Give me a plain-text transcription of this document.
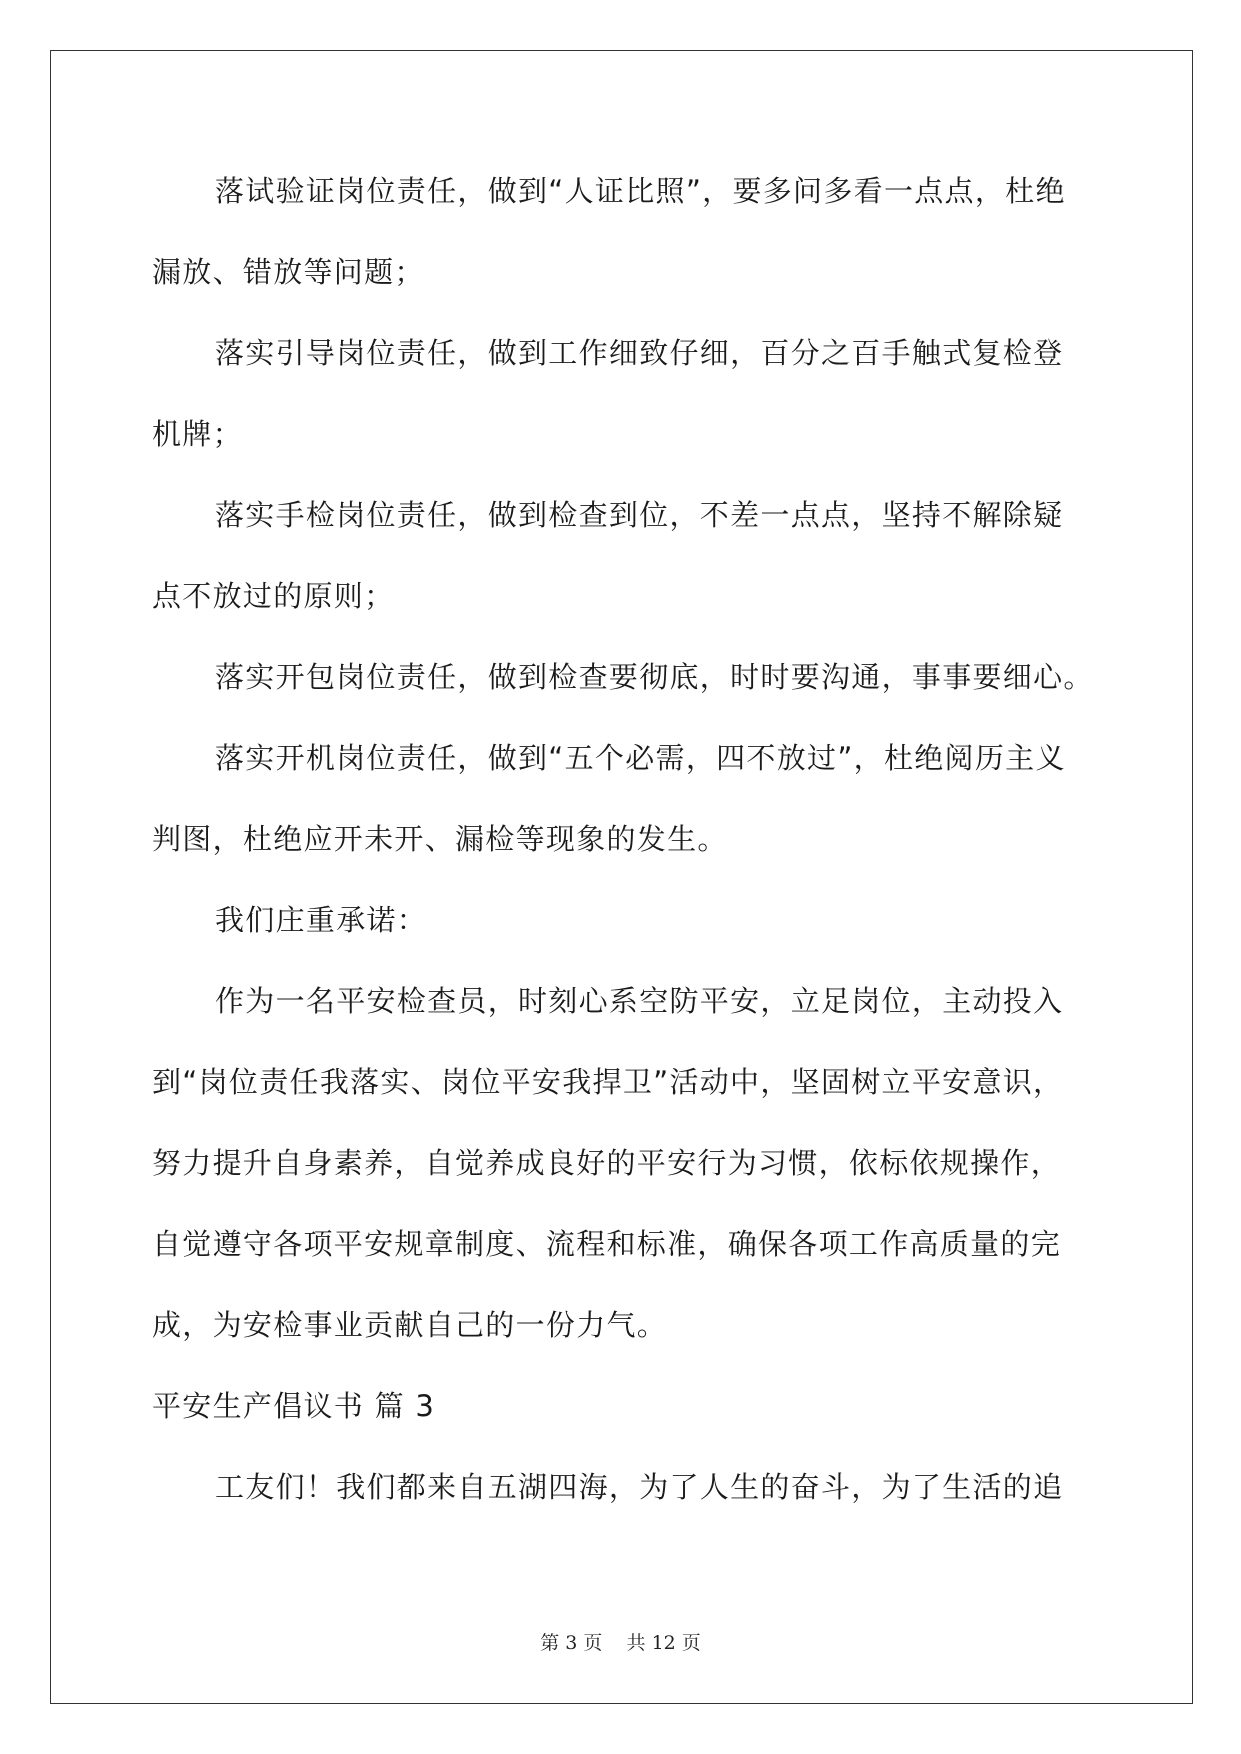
落试验证岗位责任，做到“人证比照”，要多问多看一点点，杜绝

漏放、错放等问题；

落实引导岗位责任，做到工作细致仔细，百分之百手触式复检登

机牌；

落实手检岗位责任，做到检查到位，不差一点点，坚持不解除疑

点不放过的原则；

落实开包岗位责任，做到检查要彻底，时时要沟通，事事要细心。

落实开机岗位责任，做到“五个必需，四不放过”，杜绝阅历主义

判图，杜绝应开未开、漏检等现象的发生。

我们庄重承诺：

作为一名平安检查员，时刻心系空防平安，立足岗位，主动投入

到“岗位责任我落实、岗位平安我捍卫”活动中，坚固树立平安意识，

努力提升自身素养，自觉养成良好的平安行为习惯，依标依规操作，

自觉遵守各项平安规章制度、流程和标准，确保各项工作高质量的完

成，为安检事业贡献自己的一份力气。

平安生产倡议书 篇 3

工友们！我们都来自五湖四海，为了人生的奋斗，为了生活的追

第 3 页 共 12 页
